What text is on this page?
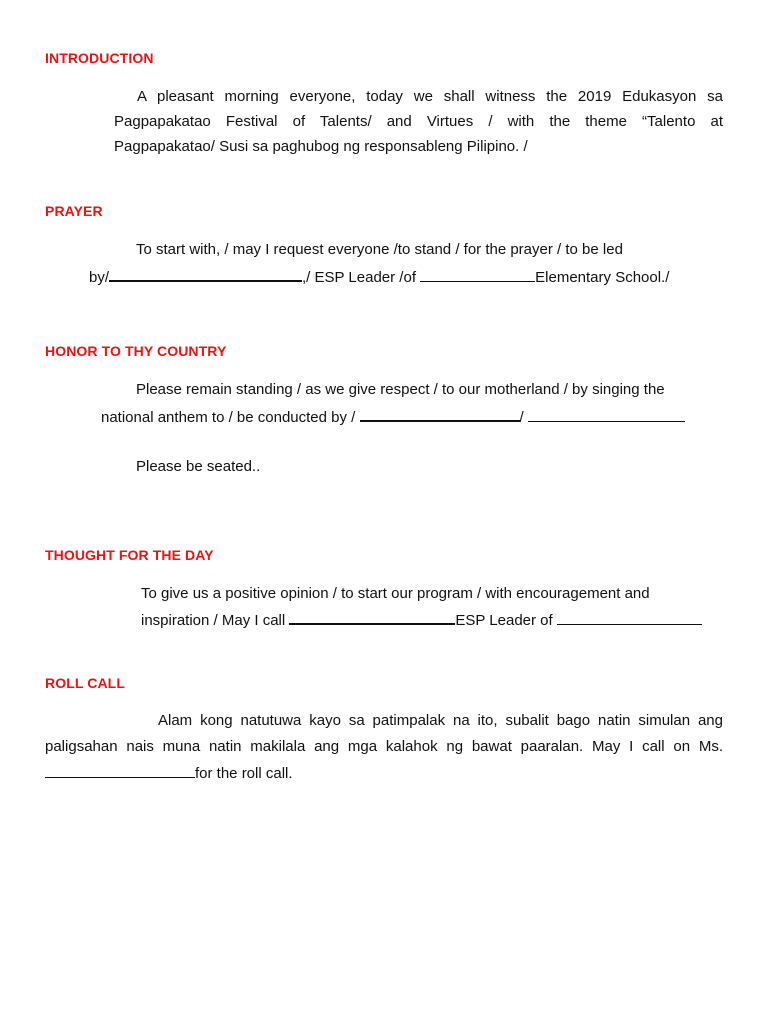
INTRODUCTION
A pleasant morning everyone, today we shall witness the 2019 Edukasyon sa
Pagpapakatao Festival of Talents/ and Virtues / with the theme “Talento at
Pagpapakatao/ Susi sa paghubog ng responsableng Pilipino. /
PRAYER
To start with, / may I request everyone /to stand / for the prayer / to be led
by/	,/ ESP Leader /of	Elementary School./
HONOR TO THY COUNTRY
Please remain standing / as we give respect / to our motherland / by singing the
national anthem to / be conducted by /	/
Please be seated..
THOUGHT FOR THE DAY
To give us a positive opinion / to start our program / with encouragement and
inspiration / May I call	ESP Leader of
ROLL CALL
Alam kong natutuwa kayo sa patimpalak na ito, subalit bago natin simulan ang
paligsahan nais muna natin makilala ang mga kalahok ng bawat paaralan. May I call on Ms.
for the roll call.
